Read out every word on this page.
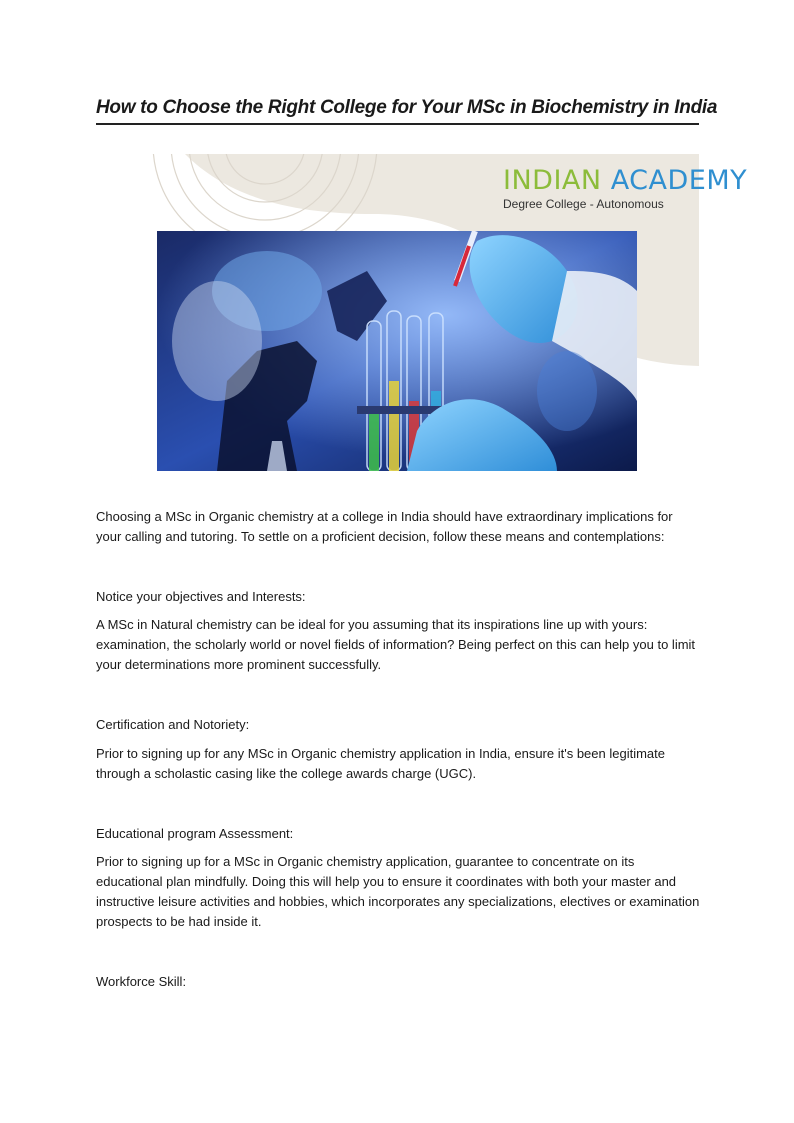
How to Choose the Right College for Your MSc in Biochemistry in India
INDIAN ACADEMY
Degree College - Autonomous

Choosing a MSc in Organic chemistry at a college in India should have extraordinary implications for your calling and tutoring. To settle on a proficient decision, follow these means and contemplations:

Notice your objectives and Interests:

A MSc in Natural chemistry can be ideal for you assuming that its inspirations line up with yours: examination, the scholarly world or novel fields of information? Being perfect on this can help you to limit your determinations more prominent successfully.

Certification and Notoriety:

Prior to signing up for any MSc in Organic chemistry application in India, ensure it's been legitimate through a scholastic casing like the college awards charge (UGC).

Educational program Assessment:

Prior to signing up for a MSc in Organic chemistry application, guarantee to concentrate on its educational plan mindfully. Doing this will help you to ensure it coordinates with both your master and instructive leisure activities and hobbies, which incorporates any specializations, electives or examination prospects to be had inside it.

Workforce Skill:
